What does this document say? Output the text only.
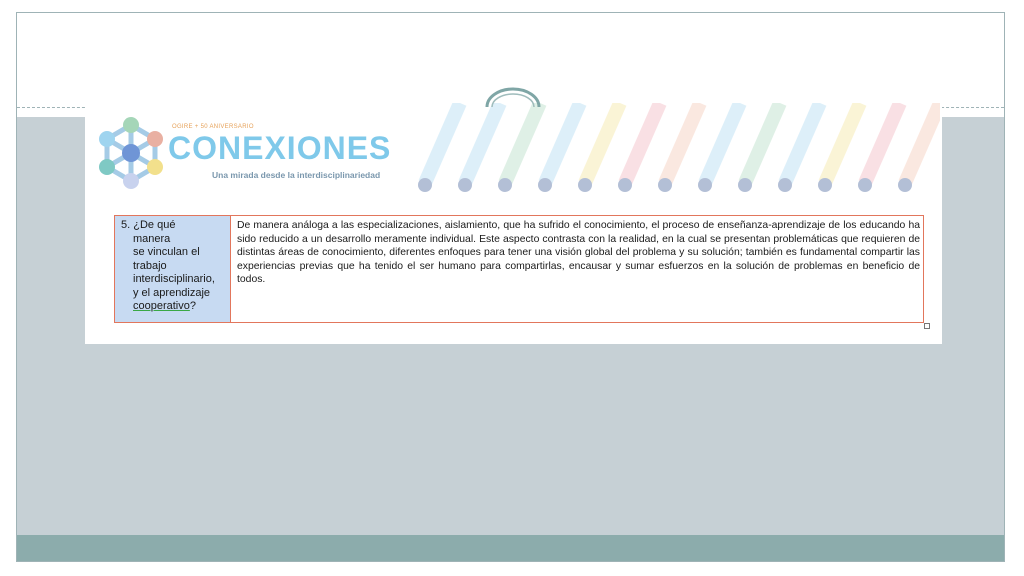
OGIRE + 50 ANIVERSARIO
CONEXIONES
Una mirada desde la interdisciplinariedad
5. ¿De qué
manera
se vinculan el
trabajo
interdisciplinario,
y el aprendizaje
cooperativo?
De manera análoga a las especializaciones, aislamiento, que ha sufrido el conocimiento, el proceso de enseñanza-aprendizaje de los educando ha sido reducido a un desarrollo meramente individual. Este aspecto contrasta con la realidad, en la cual se presentan problemáticas que requieren de distintas áreas de conocimiento, diferentes enfoques para tener una visión global del problema y su solución; también es fundamental compartir las experiencias previas que ha tenido el ser humano para compartirlas, encausar y sumar esfuerzos en la solución de problemas en beneficio de todos.
